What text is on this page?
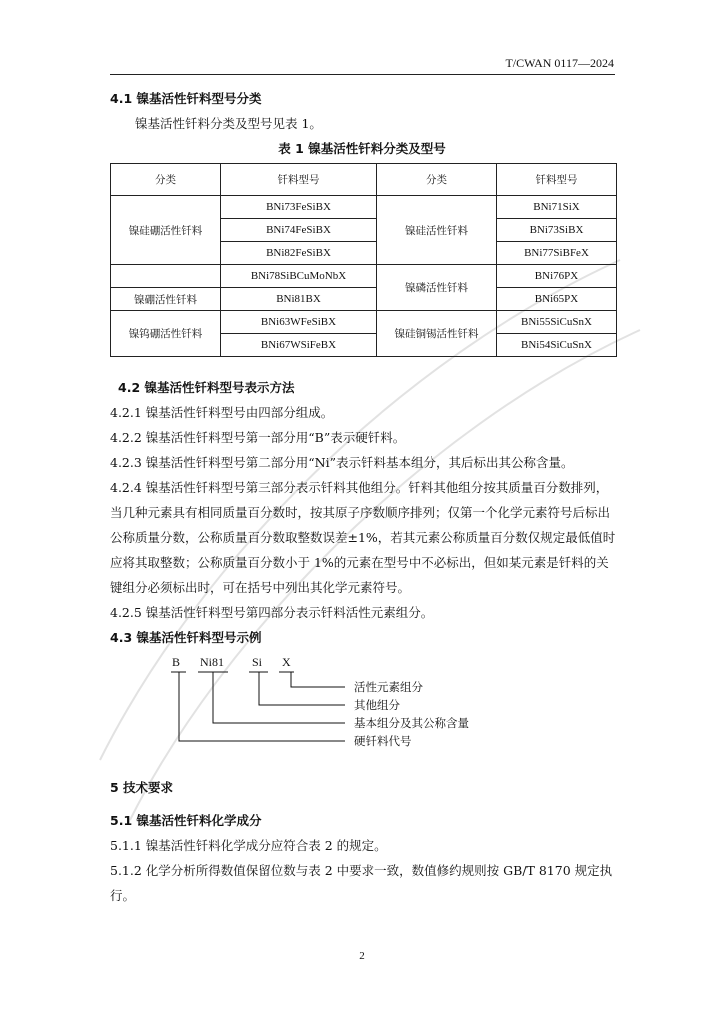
T/CWAN 0117—2024
4.1 镍基活性钎料型号分类
镍基活性钎料分类及型号见表 1。
表 1 镍基活性钎料分类及型号
分类	钎料型号	分类	钎料型号
镍硅硼活性钎料	BNi73FeSiBX	镍硅活性钎料	BNi71SiX
	BNi74FeSiBX		BNi73SiBX
	BNi82FeSiBX		BNi77SiBFeX
	BNi78SiBCuMoNbX	镍磷活性钎料	BNi76PX
镍硼活性钎料	BNi81BX		BNi65PX
镍钨硼活性钎料	BNi63WFeSiBX	镍硅铜锡活性钎料	BNi55SiCuSnX
	BNi67WSiFeBX		BNi54SiCuSnX
4.2 镍基活性钎料型号表示方法
4.2.1 镍基活性钎料型号由四部分组成。
4.2.2 镍基活性钎料型号第一部分用“B”表示硬钎料。
4.2.3 镍基活性钎料型号第二部分用“Ni”表示钎料基本组分，其后标出其公称含量。
4.2.4 镍基活性钎料型号第三部分表示钎料其他组分。钎料其他组分按其质量百分数排列，
当几种元素具有相同质量百分数时，按其原子序数顺序排列；仅第一个化学元素符号后标出
公称质量分数，公称质量百分数取整数误差±1%，若其元素公称质量百分数仅规定最低值时
应将其取整数；公称质量百分数小于 1%的元素在型号中不必标出，但如某元素是钎料的关
键组分必须标出时，可在括号中列出其化学元素符号。
4.2.5 镍基活性钎料型号第四部分表示钎料活性元素组分。
4.3 镍基活性钎料型号示例
B Ni81 Si X
活性元素组分
其他组分
基本组分及其公称含量
硬钎料代号
5 技术要求
5.1 镍基活性钎料化学成分
5.1.1 镍基活性钎料化学成分应符合表 2 的规定。
5.1.2 化学分析所得数值保留位数与表 2 中要求一致，数值修约规则按 GB/T 8170 规定执
行。
2
